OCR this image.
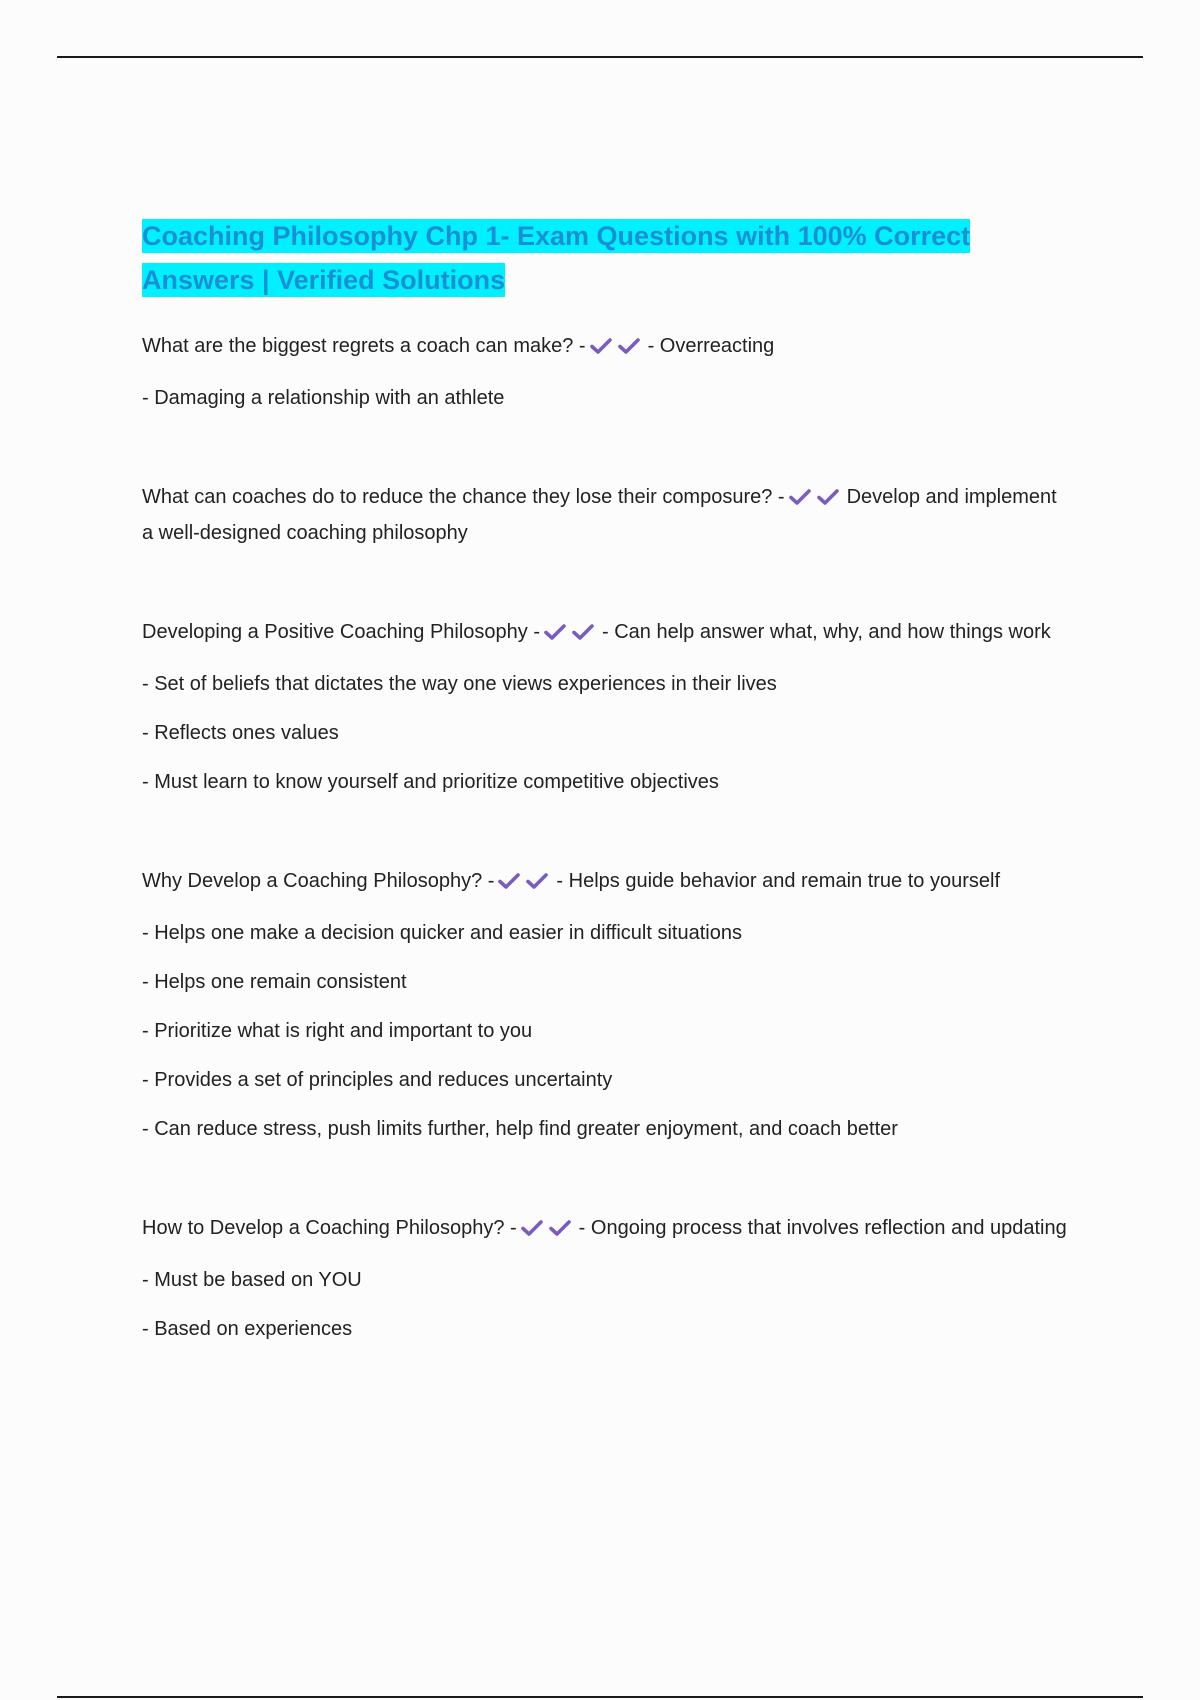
Coaching Philosophy Chp 1- Exam Questions with 100% Correct
Answers | Verified Solutions

What are the biggest regrets a coach can make? -	- Overreacting

- Damaging a relationship with an athlete

What can coaches do to reduce the chance they lose their composure? -	Develop and implement a well-designed coaching philosophy

Developing a Positive Coaching Philosophy -	- Can help answer what, why, and how things work

- Set of beliefs that dictates the way one views experiences in their lives

- Reflects ones values

- Must learn to know yourself and prioritize competitive objectives

Why Develop a Coaching Philosophy? -	- Helps guide behavior and remain true to yourself

- Helps one make a decision quicker and easier in difficult situations

- Helps one remain consistent

- Prioritize what is right and important to you

- Provides a set of principles and reduces uncertainty

- Can reduce stress, push limits further, help find greater enjoyment, and coach better

How to Develop a Coaching Philosophy? -	- Ongoing process that involves reflection and updating

- Must be based on YOU

- Based on experiences
